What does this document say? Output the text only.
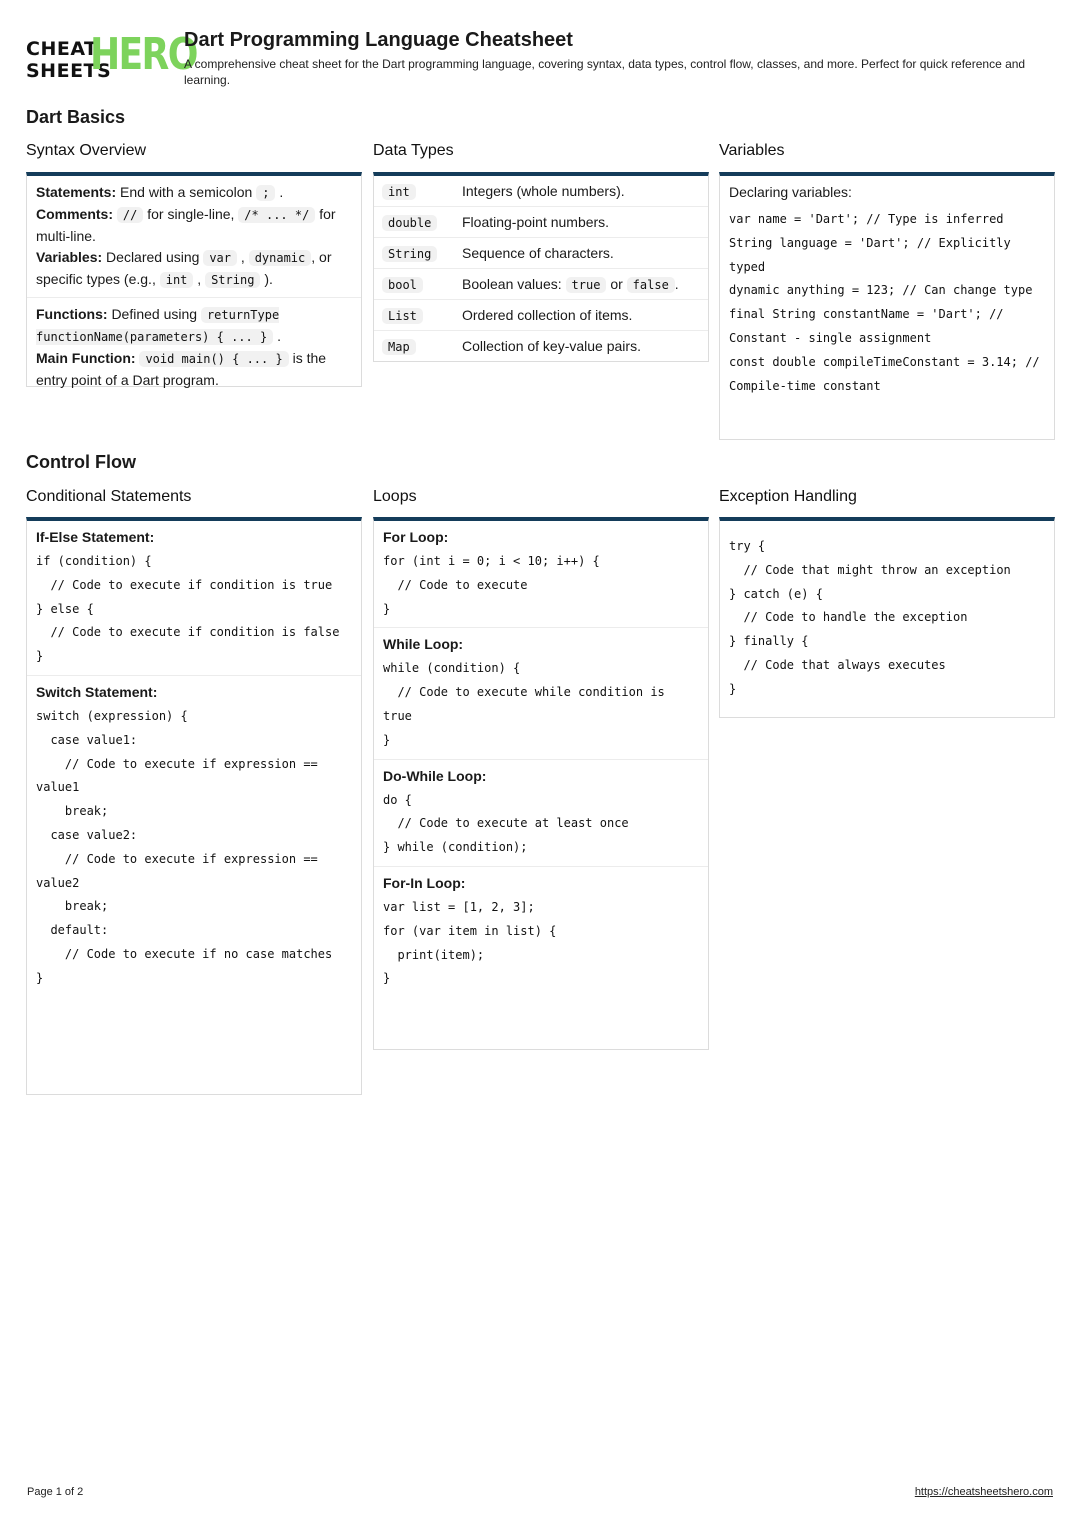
CHEAT
SHEETS
HERO
Dart Programming Language Cheatsheet
A comprehensive cheat sheet for the Dart programming language, covering syntax, data types, control flow, classes, and more. Perfect for quick reference and learning.
Dart Basics
Syntax Overview
Statements: End with a semicolon ; .
Comments: // for single-line, /* ... */ for multi-line.
Variables: Declared using var , dynamic , or specific types (e.g., int , String ).
Functions: Defined using returnType functionName(parameters) { ... } .
Main Function: void main() { ... } is the entry point of a Dart program.
Data Types
int	Integers (whole numbers).
double	Floating-point numbers.
String	Sequence of characters.
bool	Boolean values: true or false .
List	Ordered collection of items.
Map	Collection of key-value pairs.
Variables
Declaring variables:
var name = 'Dart'; // Type is inferred
String language = 'Dart'; // Explicitly typed
dynamic anything = 123; // Can change type
final String constantName = 'Dart'; // Constant - single assignment
const double compileTimeConstant = 3.14; // Compile-time constant
Control Flow
Conditional Statements
If-Else Statement:
if (condition) {
// Code to execute if condition is true
} else {
// Code to execute if condition is false
}
Switch Statement:
switch (expression) {
case value1:
// Code to execute if expression == value1
break;
case value2:
// Code to execute if expression == value2
break;
default:
// Code to execute if no case matches
}
Loops
For Loop:
for (int i = 0; i < 10; i++) {
// Code to execute
}
While Loop:
while (condition) {
// Code to execute while condition is true
}
Do-While Loop:
do {
// Code to execute at least once
} while (condition);
For-In Loop:
var list = [1, 2, 3];
for (var item in list) {
print(item);
}
Exception Handling
try {
// Code that might throw an exception
} catch (e) {
// Code to handle the exception
} finally {
// Code that always executes
}
Page 1 of 2	https://cheatsheetshero.com
